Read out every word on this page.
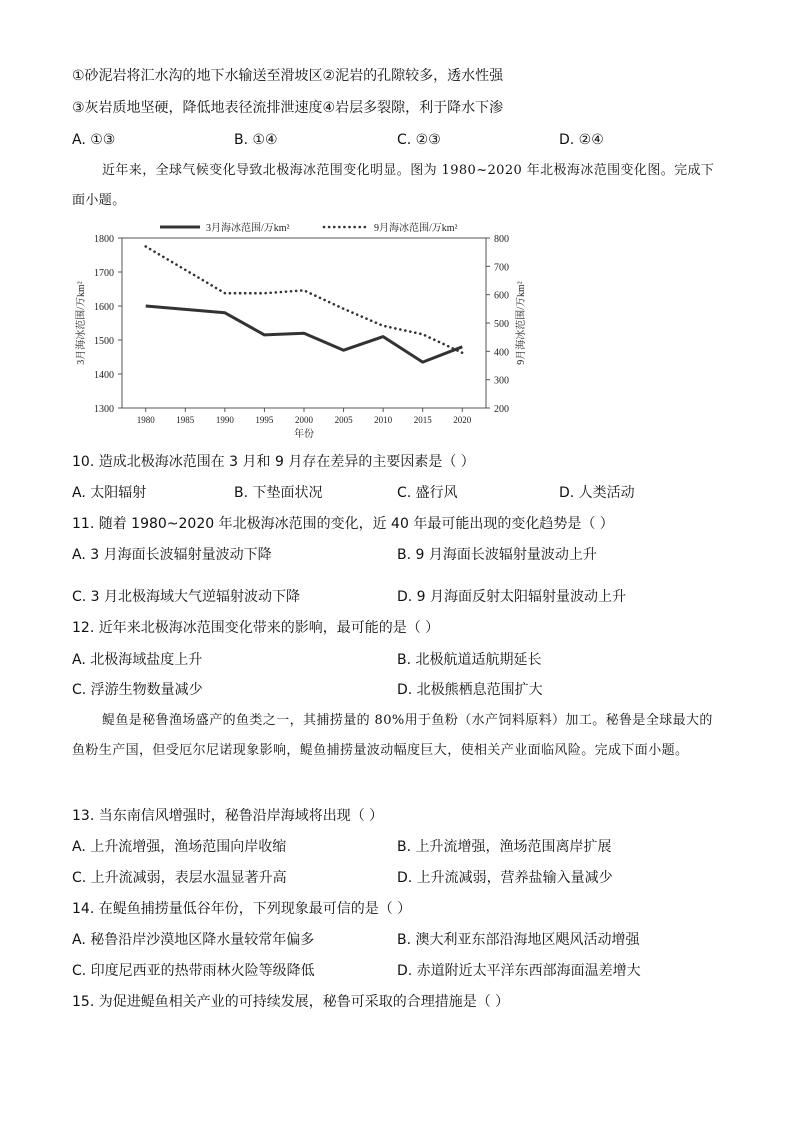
①砂泥岩将汇水沟的地下水输送至滑坡区②泥岩的孔隙较多，透水性强
③灰岩质地坚硬，降低地表径流排泄速度④岩层多裂隙，利于降水下渗
A. ①③	B. ①④	C. ②③	D. ②④

近年来，全球气候变化导致北极海冰范围变化明显。图为 1980~2020 年北极海冰范围变化图。完成下面小题。

1300
1400
1500
1600
1700
1800
200
300
400
500
600
700
800
1980 1985 1990 1995 2000 2005 2010 2015 2020
年份
3月海冰范围/万km²	9月海冰范围/万km²
3月海冰范围/万km²	9月海冰范围/万km²
10. 造成北极海冰范围在 3 月和 9 月存在差异的主要因素是（ ）
A. 太阳辐射	B. 下垫面状况	C. 盛行风	D. 人类活动
11. 随着 1980~2020 年北极海冰范围的变化，近 40 年最可能出现的变化趋势是（ ）
A. 3 月海面长波辐射量波动下降	B. 9 月海面长波辐射量波动上升
C. 3 月北极海域大气逆辐射波动下降	D. 9 月海面反射太阳辐射量波动上升
12. 近年来北极海冰范围变化带来的影响，最可能的是（ ）
A. 北极海域盐度上升	B. 北极航道适航期延长
C. 浮游生物数量减少	D. 北极熊栖息范围扩大

鳀鱼是秘鲁渔场盛产的鱼类之一，其捕捞量的 80%用于鱼粉（水产饲料原料）加工。秘鲁是全球最大的鱼粉生产国，但受厄尔尼诺现象影响，鳀鱼捕捞量波动幅度巨大，使相关产业面临风险。完成下面小题。

13. 当东南信风增强时，秘鲁沿岸海域将出现（ ）
A. 上升流增强，渔场范围向岸收缩	B. 上升流增强，渔场范围离岸扩展
C. 上升流减弱，表层水温显著升高	D. 上升流减弱，营养盐输入量减少
14. 在鳀鱼捕捞量低谷年份，下列现象最可信的是（ ）
A. 秘鲁沿岸沙漠地区降水量较常年偏多	B. 澳大利亚东部沿海地区飓风活动增强
C. 印度尼西亚的热带雨林火险等级降低	D. 赤道附近太平洋东西部海面温差增大
15. 为促进鳀鱼相关产业的可持续发展，秘鲁可采取的合理措施是（ ）
